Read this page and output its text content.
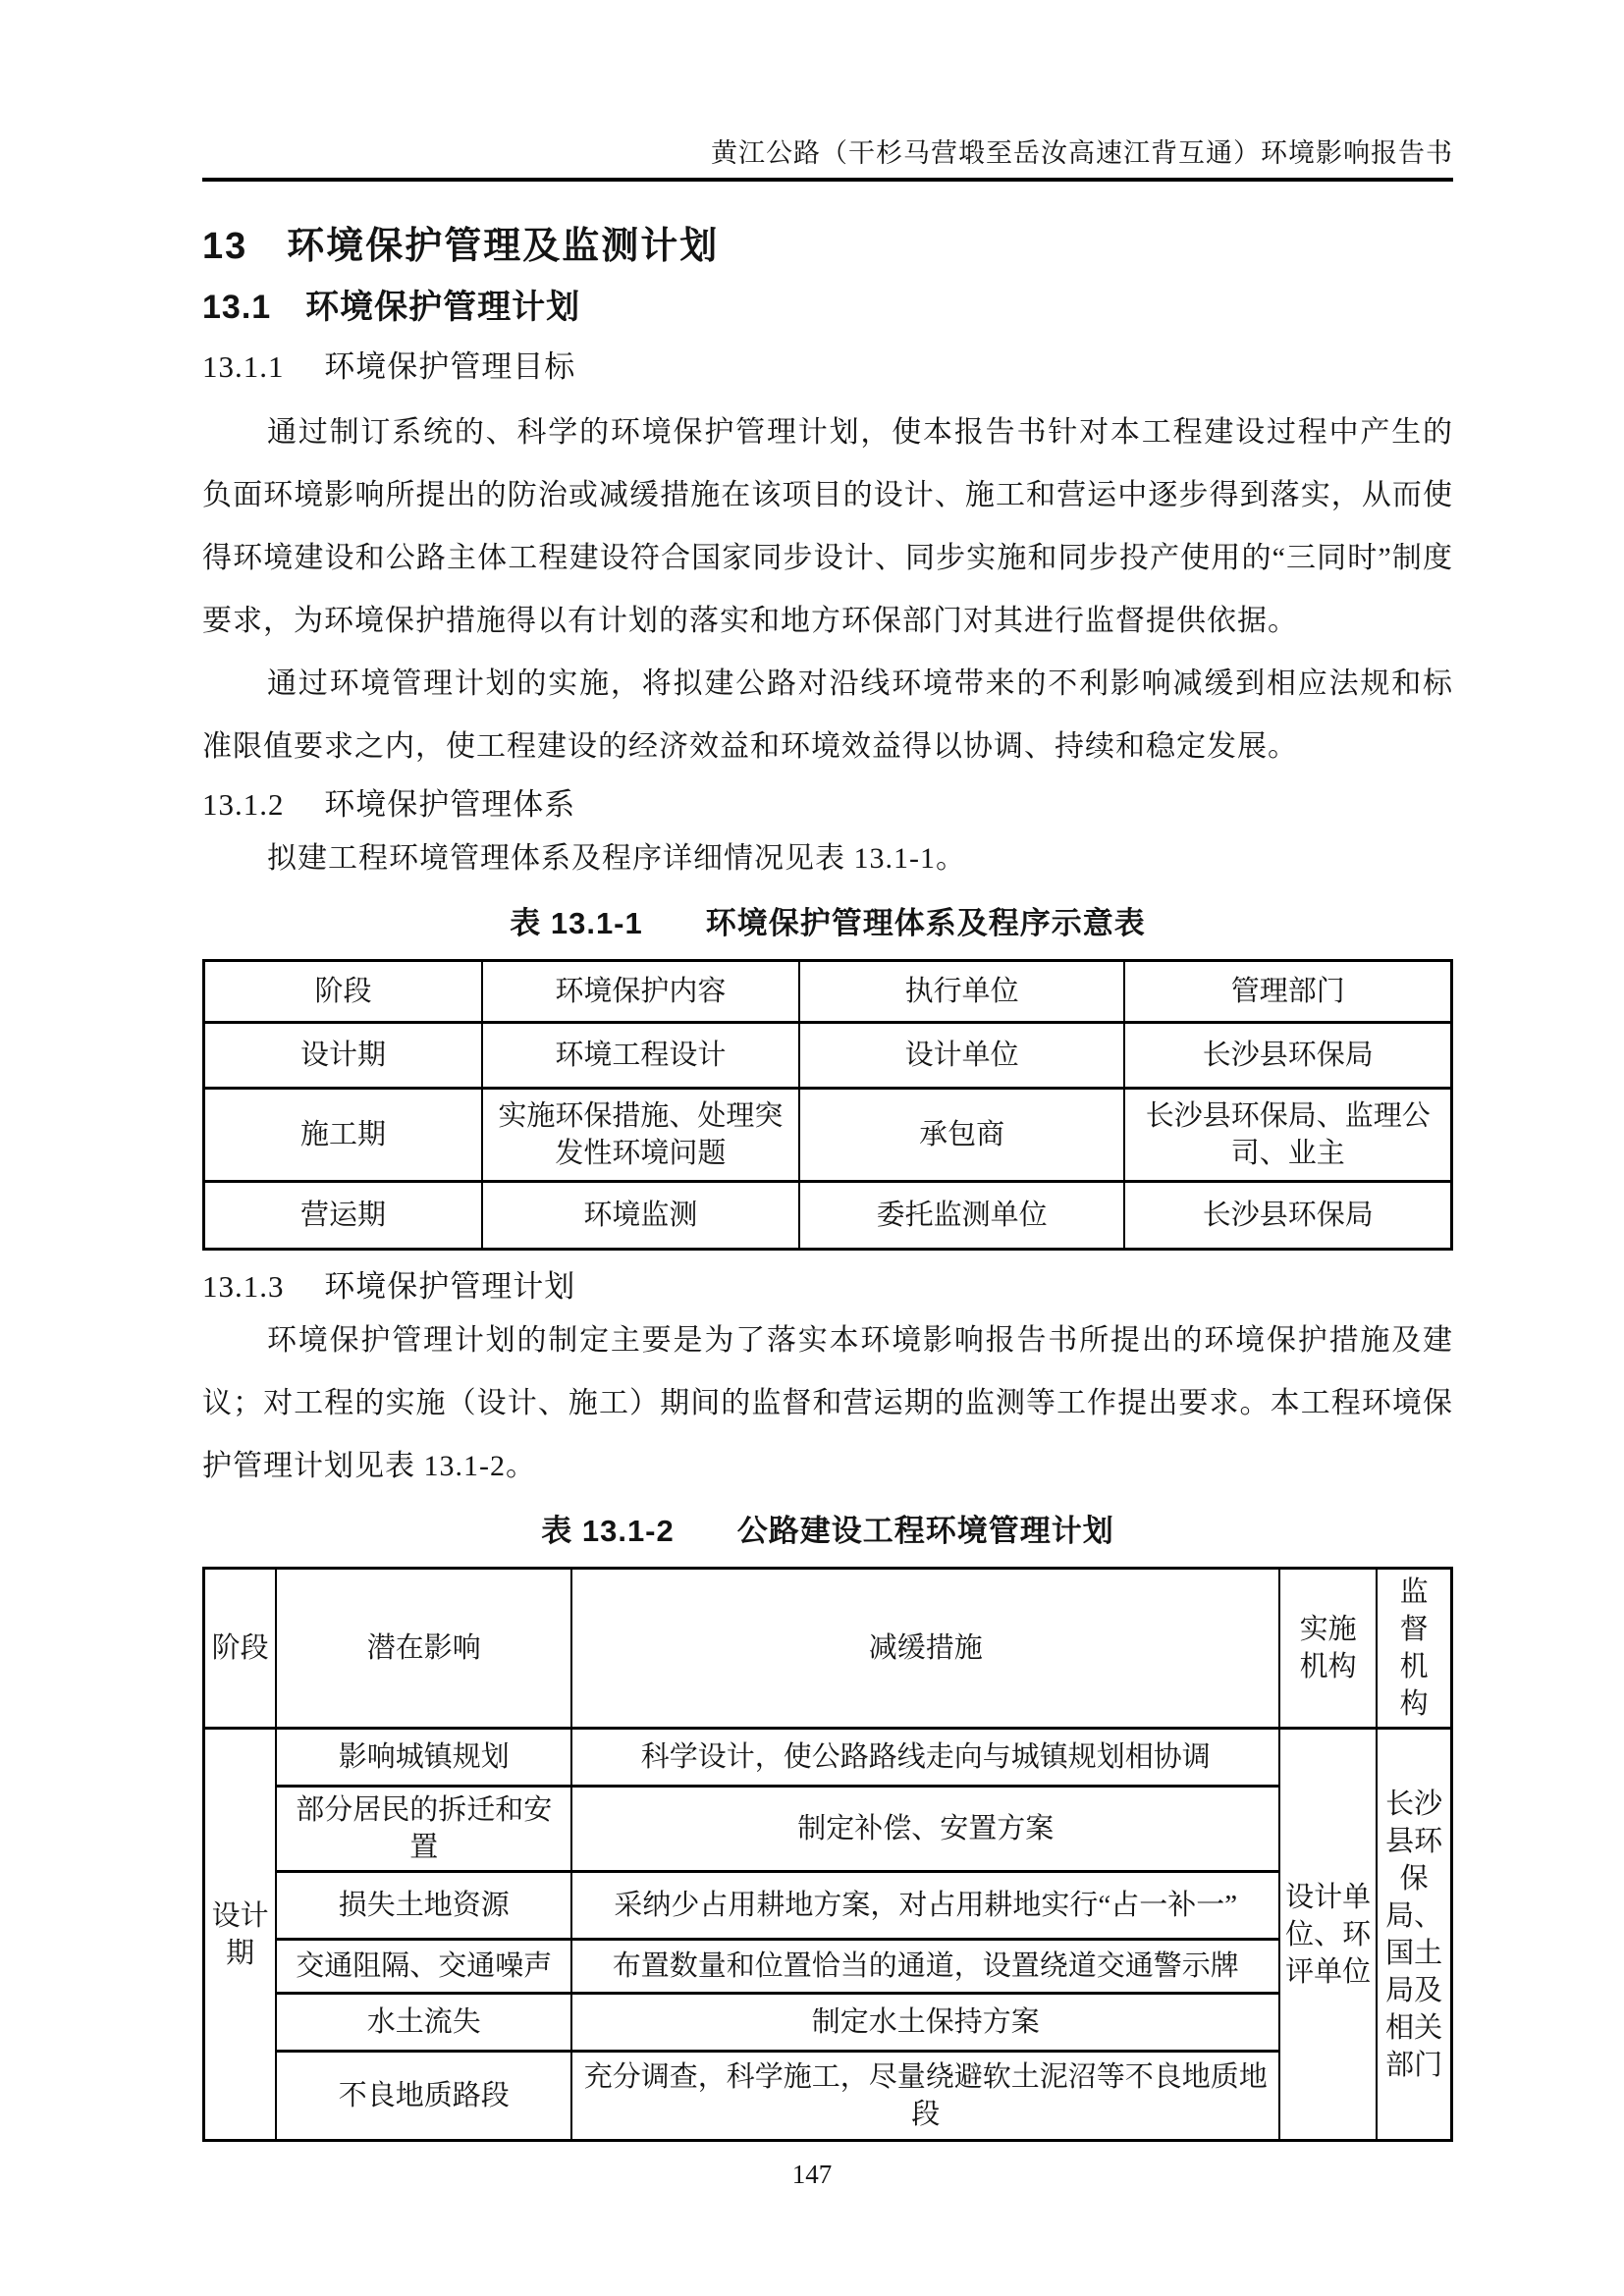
黄江公路（干杉马营塅至岳汝高速江背互通）环境影响报告书
13　环境保护管理及监测计划
13.1　环境保护管理计划
13.1.1　 环境保护管理目标

通过制订系统的、科学的环境保护管理计划，使本报告书针对本工程建设过程中产生的负面环境影响所提出的防治或减缓措施在该项目的设计、施工和营运中逐步得到落实，从而使得环境建设和公路主体工程建设符合国家同步设计、同步实施和同步投产使用的“三同时”制度要求，为环境保护措施得以有计划的落实和地方环保部门对其进行监督提供依据。

通过环境管理计划的实施，将拟建公路对沿线环境带来的不利影响减缓到相应法规和标准限值要求之内，使工程建设的经济效益和环境效益得以协调、持续和稳定发展。

13.1.2　 环境保护管理体系

拟建工程环境管理体系及程序详细情况见表 13.1-1。

表 13.1-1　　环境保护管理体系及程序示意表
阶段	环境保护内容	执行单位	管理部门
设计期	环境工程设计	设计单位	长沙县环保局
施工期	实施环保措施、处理突发性环境问题	承包商	长沙县环保局、监理公司、业主
营运期	环境监测	委托监测单位	长沙县环保局
13.1.3　 环境保护管理计划

环境保护管理计划的制定主要是为了落实本环境影响报告书所提出的环境保护措施及建议；对工程的实施（设计、施工）期间的监督和营运期的监测等工作提出要求。本工程环境保护管理计划见表 13.1-2。

表 13.1-2　　公路建设工程环境管理计划
阶段	潜在影响	减缓措施	实施机构	监督机构
设计期	影响城镇规划	科学设计，使公路路线走向与城镇规划相协调	设计单位、环评单位	长沙县环保局、国土局及相关部门
	部分居民的拆迁和安置	制定补偿、安置方案		
	损失土地资源	采纳少占用耕地方案，对占用耕地实行“占一补一”		
	交通阻隔、交通噪声	布置数量和位置恰当的通道，设置绕道交通警示牌		
	水土流失	制定水土保持方案		
	不良地质路段	充分调查，科学施工，尽量绕避软土泥沼等不良地质地段		
147
